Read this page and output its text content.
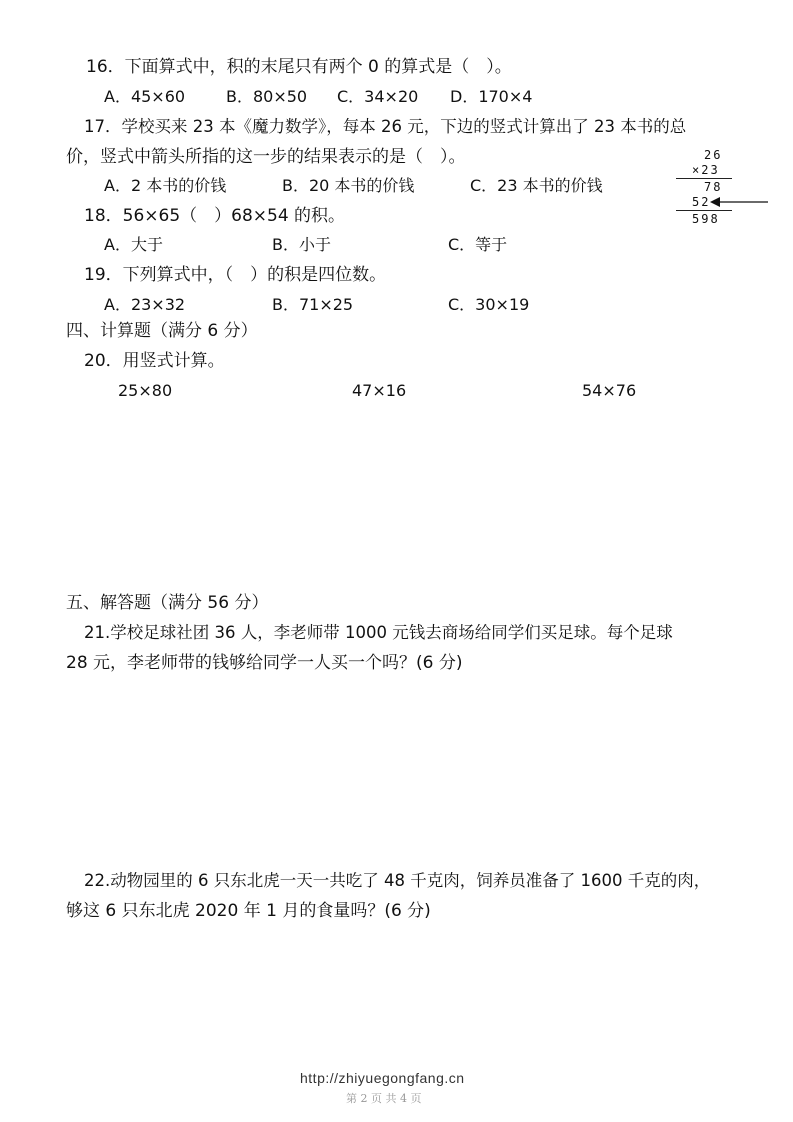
16．下面算式中，积的末尾只有两个 0 的算式是（　）。
A．45×60	B．80×50 C．34×20 D．170×4
17．学校买来 23 本《魔力数学》，每本 26 元，下边的竖式计算出了 23 本书的总
价，竖式中箭头所指的这一步的结果表示的是（　）。
A．2 本书的价钱	B．20 本书的价钱	C．23 本书的价钱
26
×23
78
52
598
18．56×65（　）68×54 的积。
A．大于	B．小于	C．等于
19．下列算式中，（　）的积是四位数。
A．23×32	B．71×25	C．30×19
四、计算题（满分 6 分）
20．用竖式计算。
25×80	47×16	54×76
五、解答题（满分 56 分）
21.学校足球社团 36 人，李老师带 1000 元钱去商场给同学们买足球。每个足球
28 元，李老师带的钱够给同学一人买一个吗？(6 分)
22.动物园里的 6 只东北虎一天一共吃了 48 千克肉，饲养员准备了 1600 千克的肉，
够这 6 只东北虎 2020 年 1 月的食量吗？(6 分)
http://zhiyuegongfang.cn
第 2 页 共 4 页
